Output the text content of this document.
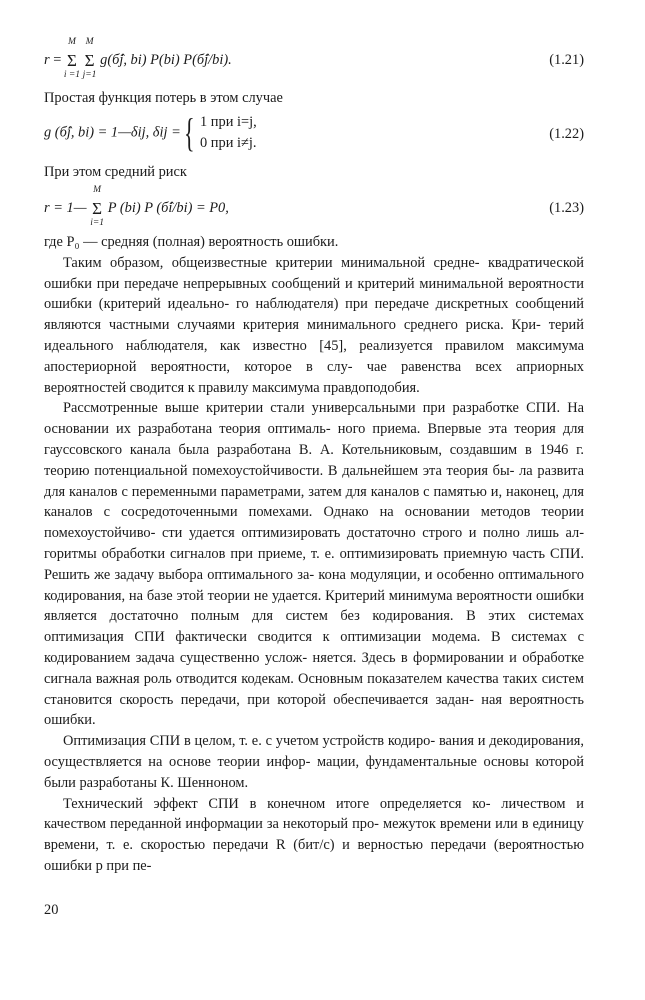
r = Σ
M
i =1
Σ
M
j=1
g(б̂j, bi) P(bi) P(б̂j/bi).	(1.21)
Простая функция потерь в этом случае
g (б̂j, bi) = 1—δij, δij = { 1 при i=j,
0 при i≠j.
(1.22)
При этом средний риск
r = 1— Σ
M
i=1
P (bi) P (б̂i/bi) = P0,	(1.23)

где P₀ — средняя (полная) вероятность ошибки.

Таким образом, общеизвестные критерии минимальной средне- квадратической ошибки при передаче непрерывных сообщений и критерий минимальной вероятности ошибки (критерий идеально- го наблюдателя) при передаче дискретных сообщений являются частными случаями критерия минимального среднего риска. Кри- терий идеального наблюдателя, как известно [45], реализуется правилом максимума апостериорной вероятности, которое в слу- чае равенства всех априорных вероятностей сводится к правилу максимума правдоподобия.

Рассмотренные выше критерии стали универсальными при разработке СПИ. На основании их разработана теория оптималь- ного приема. Впервые эта теория для гауссовского канала была разработана В. А. Котельниковым, создавшим в 1946 г. теорию потенциальной помехоустойчивости. В дальнейшем эта теория бы- ла развита для каналов с переменными параметрами, затем для каналов с памятью и, наконец, для каналов с сосредоточенными помехами. Однако на основании методов теории помехоустойчиво- сти удается оптимизировать достаточно строго и полно лишь ал- горитмы обработки сигналов при приеме, т. е. оптимизировать приемную часть СПИ. Решить же задачу выбора оптимального за- кона модуляции, и особенно оптимального кодирования, на базе этой теории не удается. Критерий минимума вероятности ошибки является достаточно полным для систем без кодирования. В этих системах оптимизация СПИ фактически сводится к оптимизации модема. В системах с кодированием задача существенно услож- няется. Здесь в формировании и обработке сигнала важная роль отводится кодекам. Основным показателем качества таких систем становится скорость передачи, при которой обеспечивается задан- ная вероятность ошибки.

Оптимизация СПИ в целом, т. е. с учетом устройств кодиро- вания и декодирования, осуществляется на основе теории инфор- мации, фундаментальные основы которой были разработаны К. Шенноном.

Технический эффект СПИ в конечном итоге определяется ко- личеством и качеством переданной информации за некоторый про- межуток времени или в единицу времени, т. е. скоростью передачи R (бит/с) и верностью передачи (вероятностью ошибки p при пе-

20
